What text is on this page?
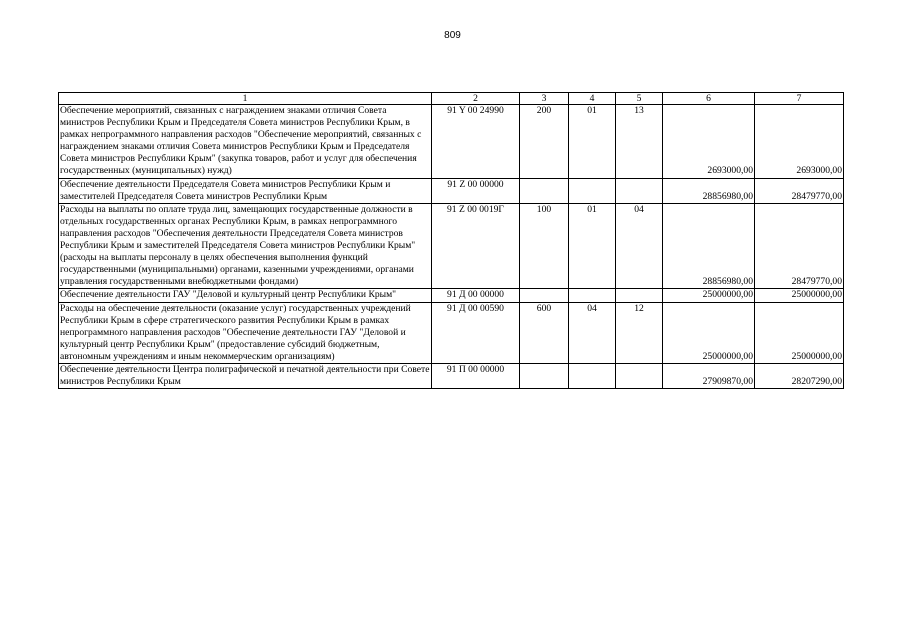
809
1	2	3	4	5	6	7
Обеспечение мероприятий, связанных с награждением знаками отличия Совета министров Республики Крым и Председателя Совета министров Республики Крым, в рамках непрограммного направления расходов "Обеспечение мероприятий, связанных с награждением знаками отличия Совета министров Республики Крым и Председателя Совета министров Республики Крым" (закупка товаров, работ и услуг для обеспечения государственных (муниципальных) нужд)	91 Y 00 24990	200	01	13	2693000,00	2693000,00
Обеспечение деятельности Председателя Совета министров Республики Крым и заместителей Председателя Совета министров Республики Крым	91 Z 00 00000				28856980,00	28479770,00
Расходы на выплаты по оплате труда лиц, замещающих государственные должности в отдельных государственных органах Республики Крым, в рамках непрограммного направления расходов "Обеспечения деятельности Председателя Совета министров Республики Крым и заместителей Председателя Совета министров Республики Крым" (расходы на выплаты персоналу в целях обеспечения выполнения функций государственными (муниципальными) органами, казенными учреждениями, органами управления государственными внебюджетными фондами)	91 Z 00 0019Г	100	01	04	28856980,00	28479770,00
Обеспечение деятельности ГАУ "Деловой и культурный центр Республики Крым"	91 Д 00 00000				25000000,00	25000000,00
Расходы на обеспечение деятельности (оказание услуг) государственных учреждений Республики Крым в сфере стратегического развития Республики Крым в рамках непрограммного направления расходов "Обеспечение деятельности ГАУ "Деловой и культурный центр Республики Крым" (предоставление субсидий бюджетным, автономным учреждениям и иным некоммерческим организациям)	91 Д 00 00590	600	04	12	25000000,00	25000000,00
Обеспечение деятельности Центра полиграфической и печатной деятельности при Совете министров Республики Крым	91 П 00 00000				27909870,00	28207290,00
